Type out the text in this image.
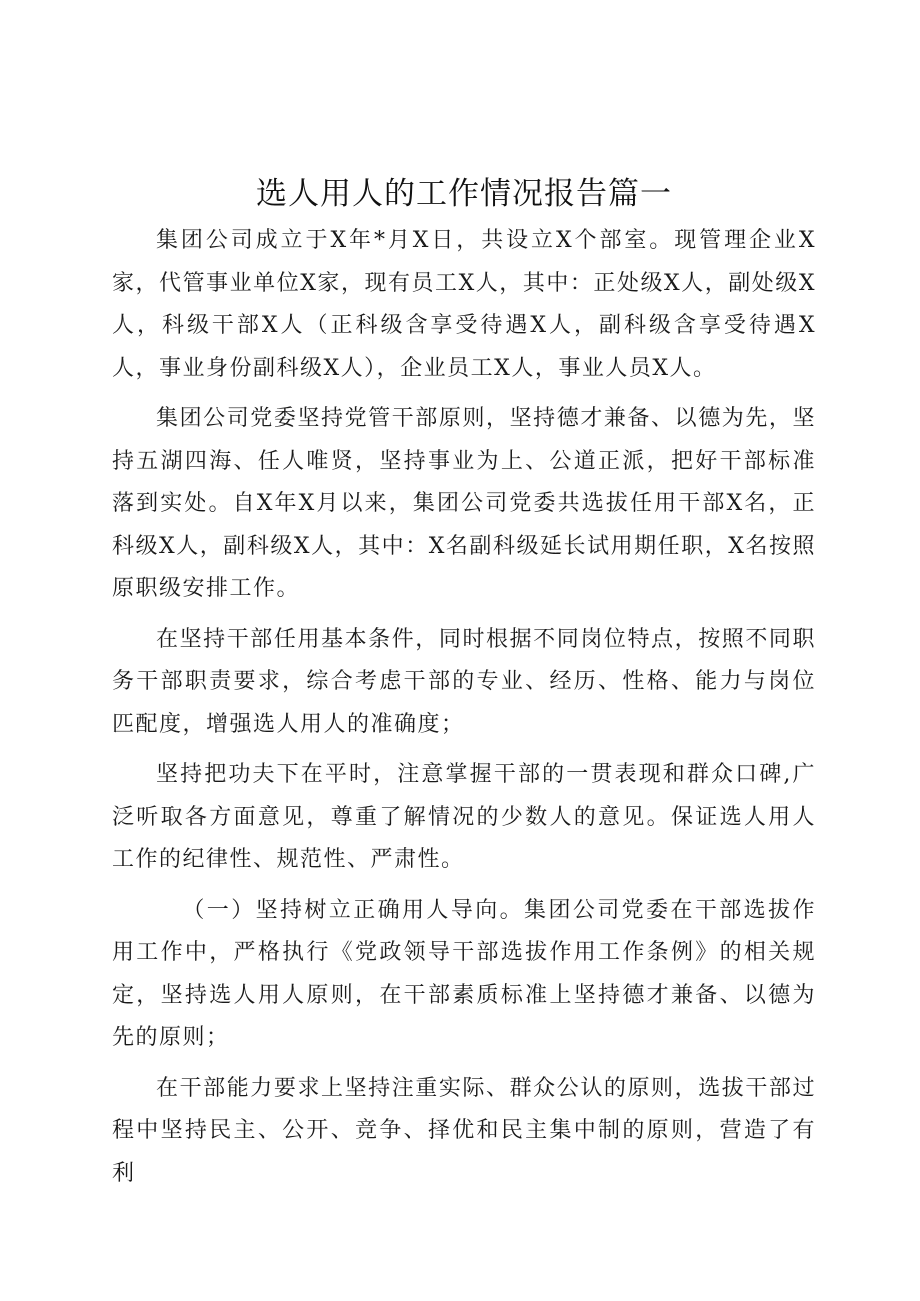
选人用人的工作情况报告篇一

集团公司成立于X年*月X日，共设立X个部室。现管理企业X家，代管事业单位X家，现有员工X人，其中：正处级X人，副处级X人，科级干部X人（正科级含享受待遇X人，副科级含享受待遇X人，事业身份副科级X人），企业员工X人，事业人员X人。

集团公司党委坚持党管干部原则，坚持德才兼备、以德为先，坚持五湖四海、任人唯贤，坚持事业为上、公道正派，把好干部标准落到实处。自X年X月以来，集团公司党委共选拔任用干部X名，正科级X人，副科级X人，其中：X名副科级延长试用期任职，X名按照原职级安排工作。

在坚持干部任用基本条件，同时根据不同岗位特点，按照不同职务干部职责要求，综合考虑干部的专业、经历、性格、能力与岗位匹配度，增强选人用人的准确度；

坚持把功夫下在平时，注意掌握干部的一贯表现和群众口碑,广泛听取各方面意见，尊重了解情况的少数人的意见。保证选人用人工作的纪律性、规范性、严肃性。

（一）坚持树立正确用人导向。集团公司党委在干部选拔作用工作中，严格执行《党政领导干部选拔作用工作条例》的相关规定，坚持选人用人原则，在干部素质标准上坚持德才兼备、以德为先的原则；

在干部能力要求上坚持注重实际、群众公认的原则，选拔干部过程中坚持民主、公开、竞争、择优和民主集中制的原则，营造了有利
